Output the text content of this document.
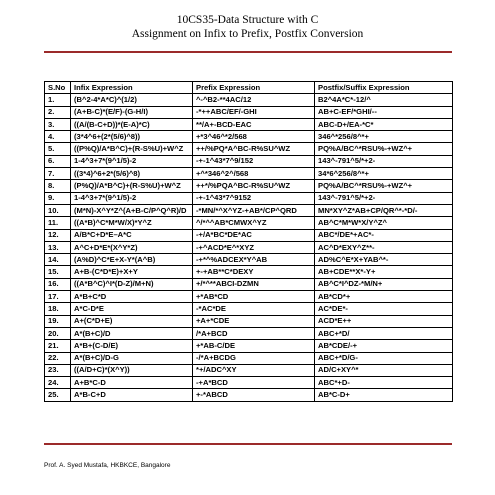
10CS35-Data Structure with C
Assignment on Infix to Prefix, Postfix Conversion
S.No	Infix Expression	Prefix Expression	Postfix/Suffix Expression
1.	(B^2-4*A*C)^(1/2)	^-^B2-**4AC/12	B2^4A*C*-12/^
2.	(A+B-C)*(E/F)-(G-H/I)	-*++ABC/EF/-GHI	AB+C-EF/*GHI/--
3.	((A/(B-C+D))*(E-A)*C)	**/A+-BCD-EAC	ABC-D+/EA-*C*
4.	(3*4^6+(2*(5/6)^8))	+*3^46^*2/568	346^*256/8^*+
5.	((P%Q)/A*B^C)+(R-S%U)+W^Z	++/%PQ*A^BC-R%SU^WZ	PQ%A/BC^*RSU%-+WZ^+
6.	1-4^3+7*(9^1/5)-2	-+-1^43*7^9/152	143^-791^5/*+2-
7.	((3*4)^6+2*(5/6)^8)	+^*346^2^/568	34*6^256/8^*+
8.	(P%Q)/A*B^C)+(R-S%U)+W^Z	++*/%PQA^BC-R%SU^WZ	PQ%A/BC^*RSU%-+WZ^+
9.	1-4^3+7*(9^1/5)-2	-+-1^43*7^9152	143^-791^5/*+2-
10.	(M*N)-X^Y*Z^(A+B-C/P^Q^R)/D	-*MN/*^X^YZ-+AB*/CP^QRD	MN*XY^Z*AB+CP/QR^*-*D/-
11.	((A*B)^C*M*W/X)*Y^Z	^/*^^AB*CMWX^YZ	AB^C*M*W*X/Y^Z^
12.	A/B*C+D*E–A*C	-+/A*BC*DE*AC	ABC*/DE*+AC*-
13.	A^C+D*E*(X^Y*Z)	-+^ACD*E^*XYZ	AC^D*EXY^Z**-
14.	(A%D)^C*E+X-Y*(A^B)	-+*^%ADCEX*Y^AB	AD%C^E*X+YAB^*-
15.	A+B-(C*D*E)+X+Y	+-+AB**C*DEXY	AB+CDE**X*-Y+
16.	((A*B^C)^I*(D-Z)/M+N)	+/*^**ABCI-DZMN	AB^C*I^DZ-*M/N+
17.	A*B+C*D	+*AB*CD	AB*CD*+
18.	A*C-D*E	-*AC*DE	AC*DE*-
19.	A+(C*D+E)	+A+*CDE	ACD*E++
20.	A*(B+C)/D	/*A+BCD	ABC+*D/
21.	A*B+(C-D/E)	+*AB-C/DE	AB*CDE/-+
22.	A*(B+C)/D-G	-/*A+BCDG	ABC+*D/G-
23.	((A/D+C)*(X^Y))	*+/ADC^XY	AD/C+XY^*
24.	A+B*C-D	-+A*BCD	ABC*+D-
25.	A*B-C+D	+-*ABCD	AB*C-D+
Prof. A. Syed Mustafa, HKBKCE, Bangalore
